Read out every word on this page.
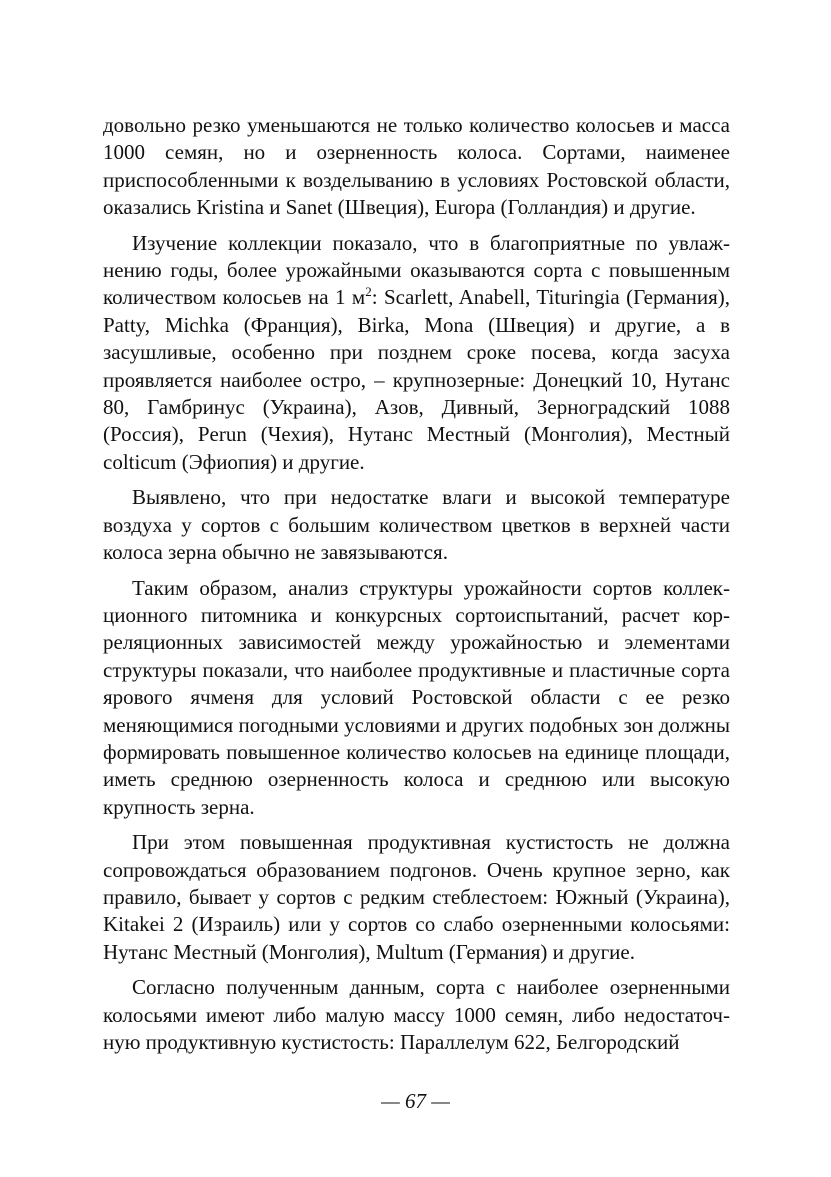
довольно резко уменьшаются не только количество колосьев и масса 1000 семян, но и озерненность колоса. Сортами, наименее приспособленными к возделыванию в условиях Ростовской области, оказались Kristina и Sanet (Швеция), Europa (Голландия) и другие.

Изучение коллекции показало, что в благоприятные по увлажнению годы, более урожайными оказываются сорта с повышенным количеством колосьев на 1 $м^2$: Scarlett, Anabell, Tituringia (Германия), Patty, Michka (Франция), Birka, Mona (Швеция) и другие, а в засушливые, особенно при позднем сроке посева, когда засуха проявляется наиболее остро, – крупнозерные: Донецкий 10, Нутанс 80, Гамбринус (Украина), Азов, Дивный, Зерноградский 1088 (Россия), Perun (Чехия), Нутанс Местный (Монголия), Местный colticum (Эфиопия) и другие.

Выявлено, что при недостатке влаги и высокой температуре воздуха у сортов с большим количеством цветков в верхней части колоса зерна обычно не завязываются.

Таким образом, анализ структуры урожайности сортов коллекционного питомника и конкурсных сортоиспытаний, расчет корреляционных зависимостей между урожайностью и элементами структуры показали, что наиболее продуктивные и пластичные сорта ярового ячменя для условий Ростовской области с ее резко меняющимися погодными условиями и других подобных зон должны формировать повышенное количество колосьев на единице площади, иметь среднюю озерненность колоса и среднюю или высокую крупность зерна.

При этом повышенная продуктивная кустистость не должна сопровождаться образованием подгонов. Очень крупное зерно, как правило, бывает у сортов с редким стеблестоем: Южный (Украина), Kitakei 2 (Израиль) или у сортов со слабо озерненными колосьями: Нутанс Местный (Монголия), Multum (Германия) и другие.

Согласно полученным данным, сорта с наиболее озерненными колосьями имеют либо малую массу 1000 семян, либо недостаточную продуктивную кустистость: Параллелум 622, Белгородский

— 67 —
